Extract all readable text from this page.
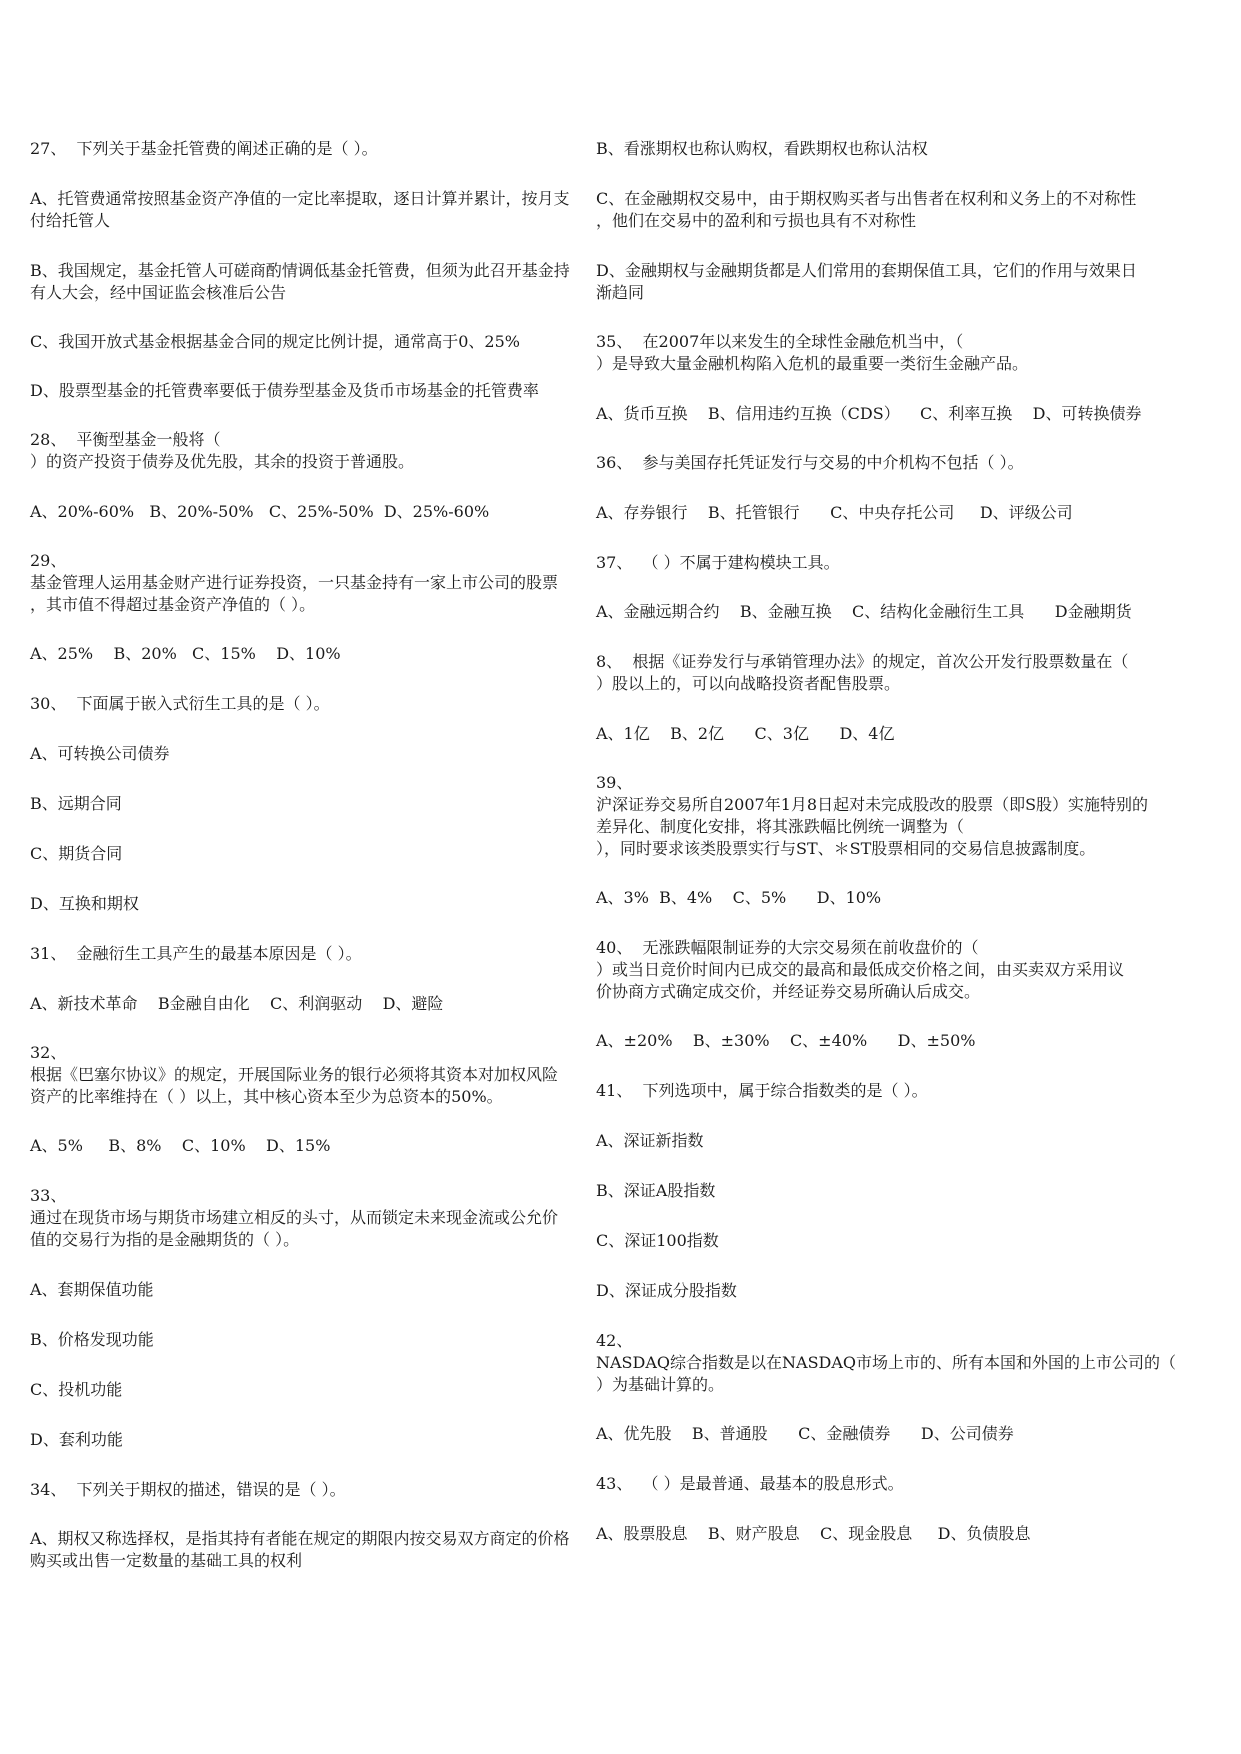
27、  下列关于基金托管费的阐述正确的是（ ）。
A、托管费通常按照基金资产净值的一定比率提取，逐日计算并累计，按月支
付给托管人
B、我国规定，基金托管人可磋商酌情调低基金托管费，但须为此召开基金持
有人大会，经中国证监会核准后公告
C、我国开放式基金根据基金合同的规定比例计提，通常高于0、25%
D、股票型基金的托管费率要低于债券型基金及货币市场基金的托管费率
28、  平衡型基金一般将（
）的资产投资于债券及优先股，其余的投资于普通股。
A、20%-60%   B、20%-50%   C、25%-50%  D、25%-60%
29、
基金管理人运用基金财产进行证券投资，一只基金持有一家上市公司的股票
，其市值不得超过基金资产净值的（ ）。
A、25%    B、20%   C、15%    D、10%
30、  下面属于嵌入式衍生工具的是（ ）。
A、可转换公司债券
B、远期合同
C、期货合同
D、互换和期权
31、  金融衍生工具产生的最基本原因是（ ）。
A、新技术革命    B金融自由化    C、利润驱动    D、避险
32、
根据《巴塞尔协议》的规定，开展国际业务的银行必须将其资本对加权风险
资产的比率维持在（ ）以上，其中核心资本至少为总资本的50%。
A、5%     B、8%    C、10%    D、15%
33、
通过在现货市场与期货市场建立相反的头寸，从而锁定未来现金流或公允价
值的交易行为指的是金融期货的（ ）。
A、套期保值功能
B、价格发现功能
C、投机功能
D、套利功能
34、  下列关于期权的描述，错误的是（ ）。
A、期权又称选择权，是指其持有者能在规定的期限内按交易双方商定的价格
购买或出售一定数量的基础工具的权利
B、看涨期权也称认购权，看跌期权也称认沽权
C、在金融期权交易中，由于期权购买者与出售者在权利和义务上的不对称性
，他们在交易中的盈利和亏损也具有不对称性
D、金融期权与金融期货都是人们常用的套期保值工具，它们的作用与效果日
渐趋同
35、  在2007年以来发生的全球性金融危机当中，（
）是导致大量金融机构陷入危机的最重要一类衍生金融产品。
A、货币互换    B、信用违约互换（CDS）    C、利率互换    D、可转换债券
36、  参与美国存托凭证发行与交易的中介机构不包括（ ）。
A、存券银行    B、托管银行      C、中央存托公司     D、评级公司
37、  （ ）不属于建构模块工具。
A、金融远期合约    B、金融互换    C、结构化金融衍生工具      D金融期货
8、  根据《证券发行与承销管理办法》的规定，首次公开发行股票数量在（
）股以上的，可以向战略投资者配售股票。
A、1亿    B、2亿      C、3亿      D、4亿
39、
沪深证券交易所自2007年1月8日起对未完成股改的股票（即S股）实施特别的
差异化、制度化安排，将其涨跌幅比例统一调整为（
），同时要求该类股票实行与ST、＊ST股票相同的交易信息披露制度。
A、3%  B、4%    C、5%      D、10%
40、  无涨跌幅限制证券的大宗交易须在前收盘价的（
）或当日竞价时间内已成交的最高和最低成交价格之间，由买卖双方采用议
价协商方式确定成交价，并经证券交易所确认后成交。
A、±20%    B、±30%    C、±40%      D、±50%
41、  下列选项中，属于综合指数类的是（ ）。
A、深证新指数
B、深证A股指数
C、深证100指数
D、深证成分股指数
42、
NASDAQ综合指数是以在NASDAQ市场上市的、所有本国和外国的上市公司的（
）为基础计算的。
A、优先股    B、普通股      C、金融债券      D、公司债券
43、  （ ）是最普通、最基本的股息形式。
A、股票股息    B、财产股息    C、现金股息     D、负债股息
